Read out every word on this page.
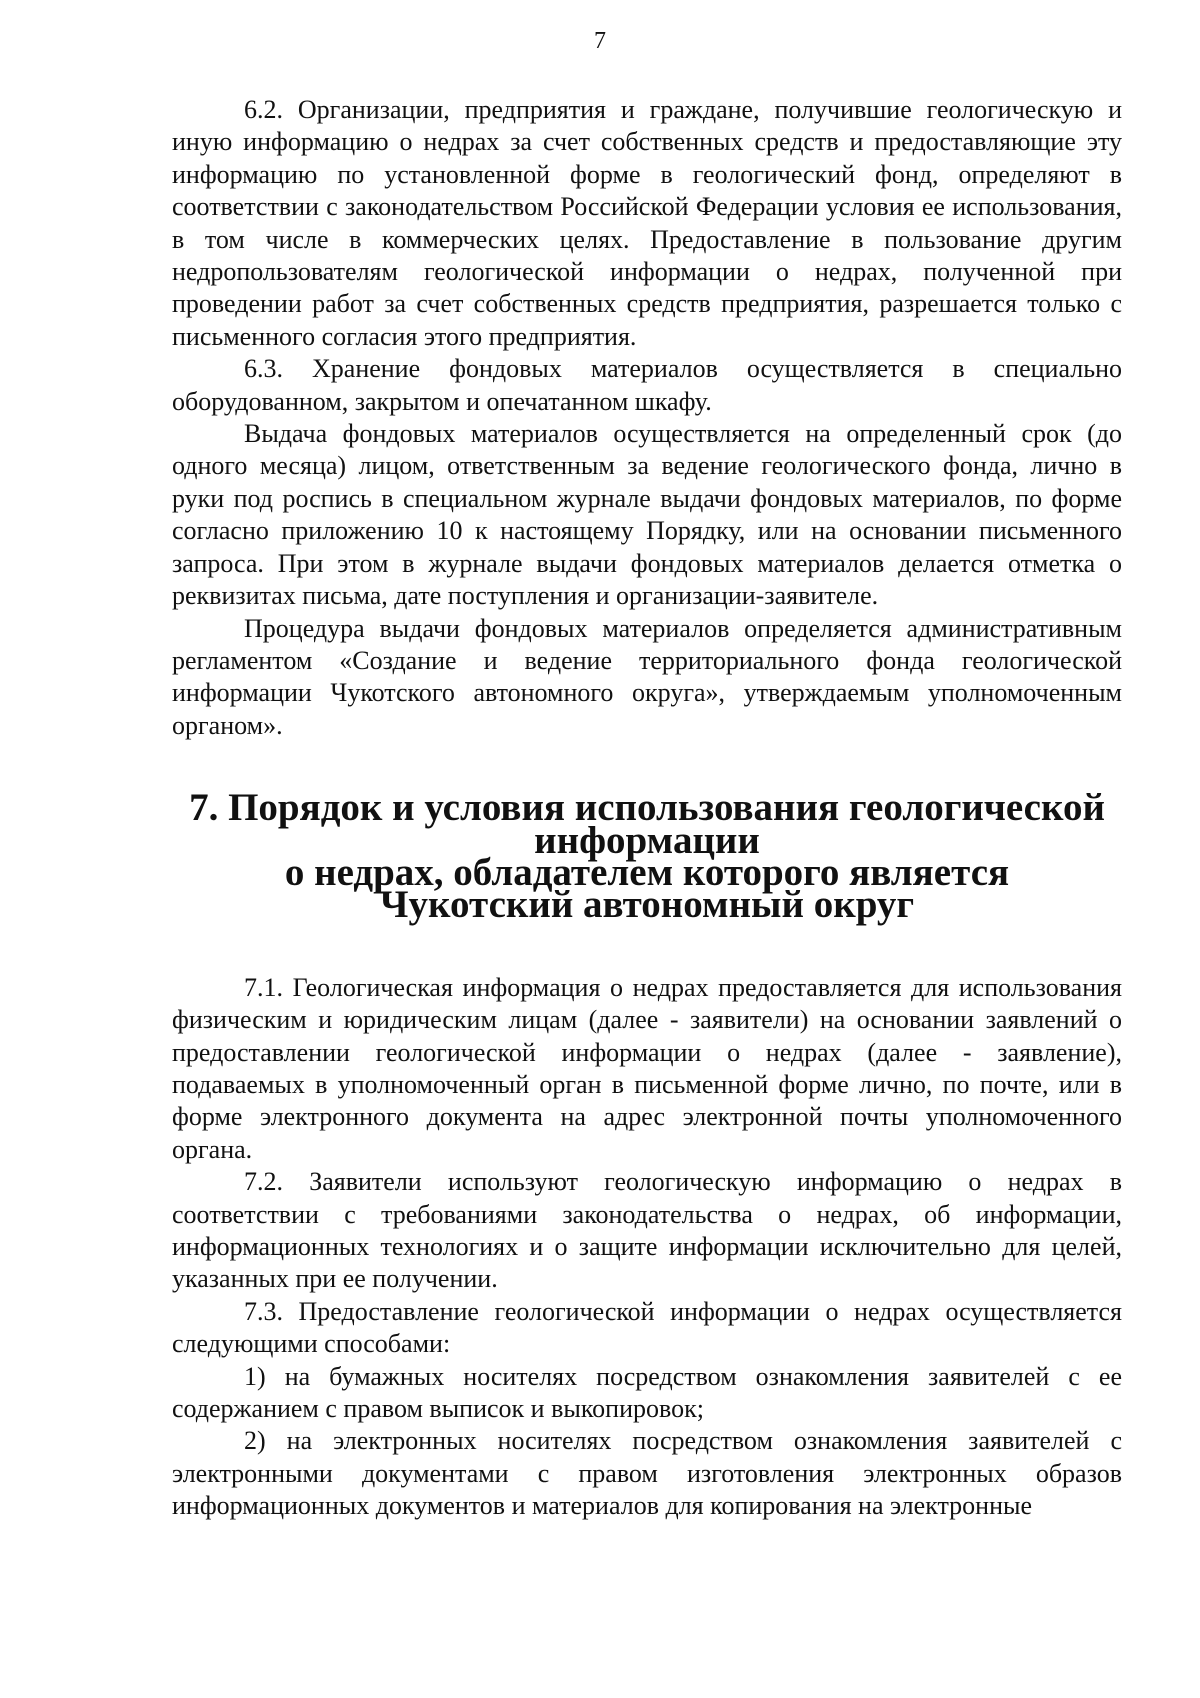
7

6.2. Организации, предприятия и граждане, получившие геологическую и иную информацию о недрах за счет собственных средств и предоставляющие эту информацию по установленной форме в геологический фонд, определяют в соответствии с законодательством Российской Федерации условия ее использования, в том числе в коммерческих целях. Предоставление в пользование другим недропользователям геологической информации о недрах, полученной при проведении работ за счет собственных средств предприятия, разрешается только с письменного согласия этого предприятия.

6.3. Хранение фондовых материалов осуществляется в специально оборудованном, закрытом и опечатанном шкафу.

Выдача фондовых материалов осуществляется на определенный срок (до одного месяца) лицом, ответственным за ведение геологического фонда, лично в руки под роспись в специальном журнале выдачи фондовых материалов, по форме согласно приложению 10 к настоящему Порядку, или на основании письменного запроса. При этом в журнале выдачи фондовых материалов делается отметка о реквизитах письма, дате поступления и организации-заявителе.

Процедура выдачи фондовых материалов определяется административным регламентом «Создание и ведение территориального фонда геологической информации Чукотского автономного округа», утверждаемым уполномоченным органом».

7. Порядок и условия использования геологической информации
о недрах, обладателем которого является
Чукотский автономный округ

7.1. Геологическая информация о недрах предоставляется для использования физическим и юридическим лицам (далее - заявители) на основании заявлений о предоставлении геологической информации о недрах (далее - заявление), подаваемых в уполномоченный орган в письменной форме лично, по почте, или в форме электронного документа на адрес электронной почты уполномоченного органа.

7.2. Заявители используют геологическую информацию о недрах в соответствии с требованиями законодательства о недрах, об информации, информационных технологиях и о защите информации исключительно для целей, указанных при ее получении.

7.3. Предоставление геологической информации о недрах осуществляется следующими способами:

1) на бумажных носителях посредством ознакомления заявителей с ее содержанием с правом выписок и выкопировок;

2) на электронных носителях посредством ознакомления заявителей с электронными документами с правом изготовления электронных образов информационных документов и материалов для копирования на электронные
